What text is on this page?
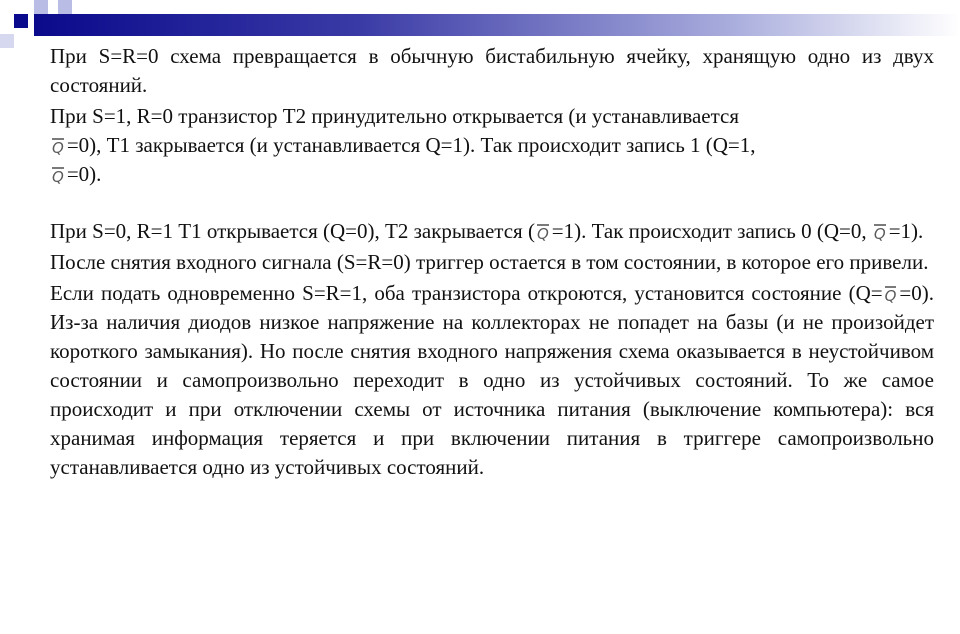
При S=R=0 схема превращается в обычную бистабильную ячейку, хранящую одно из двух состояний.

При S=1, R=0 транзистор Т2 принудительно открывается (и устанавливается
Q =0), Т1 закрывается (и устанавливается Q=1). Так происходит запись 1 (Q=1,
Q =0).

При S=0, R=1 Т1 открывается (Q=0), Т2 закрывается ( Q =1). Так происходит запись 0 (Q=0, Q =1).

После снятия входного сигнала (S=R=0) триггер остается в том состоянии, в которое его привели.

Если подать одновременно S=R=1, оба транзистора откроются, установится состояние (Q= Q =0). Из-за наличия диодов низкое напряжение на коллекторах не попадет на базы (и не произойдет короткого замыкания). Но после снятия входного напряжения схема оказывается в неустойчивом состоянии и самопроизвольно переходит в одно из устойчивых состояний. То же самое происходит и при отключении схемы от источника питания (выключение компьютера): вся хранимая информация теряется и при включении питания в триггере самопроизвольно устанавливается одно из устойчивых состояний.
